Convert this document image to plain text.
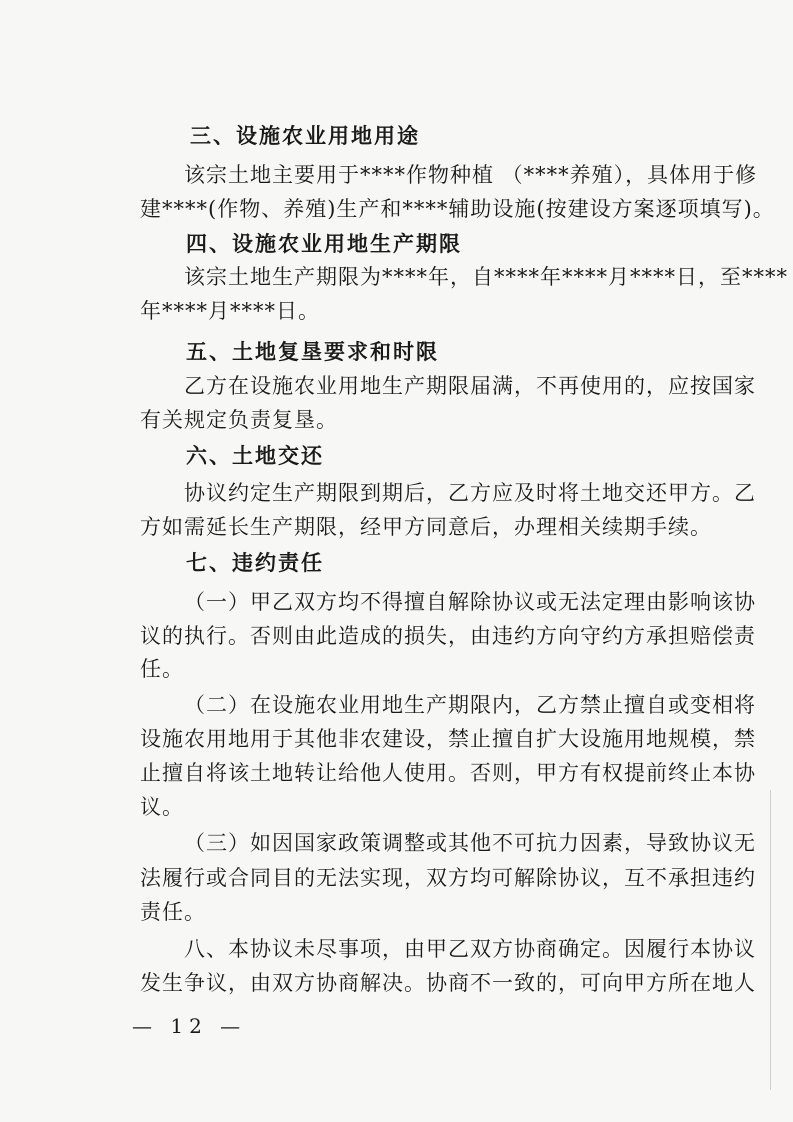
三、设施农业用地用途
该宗土地主要用于****作物种植 （****养殖），具体用于修
建****(作物、养殖)生产和****辅助设施(按建设方案逐项填写)。
四、设施农业用地生产期限
该宗土地生产期限为****年，自****年****月****日，至****
年****月****日。
五、土地复垦要求和时限
乙方在设施农业用地生产期限届满，不再使用的，应按国家
有关规定负责复垦。
六、土地交还
协议约定生产期限到期后，乙方应及时将土地交还甲方。乙
方如需延长生产期限，经甲方同意后，办理相关续期手续。
七、违约责任
（一）甲乙双方均不得擅自解除协议或无法定理由影响该协
议的执行。否则由此造成的损失，由违约方向守约方承担赔偿责
任。
（二）在设施农业用地生产期限内，乙方禁止擅自或变相将
设施农用地用于其他非农建设，禁止擅自扩大设施用地规模，禁
止擅自将该土地转让给他人使用。否则，甲方有权提前终止本协
议。
（三）如因国家政策调整或其他不可抗力因素，导致协议无
法履行或合同目的无法实现，双方均可解除协议，互不承担违约
责任。
八、本协议未尽事项，由甲乙双方协商确定。因履行本协议
发生争议，由双方协商解决。协商不一致的，可向甲方所在地人
— 12 —
